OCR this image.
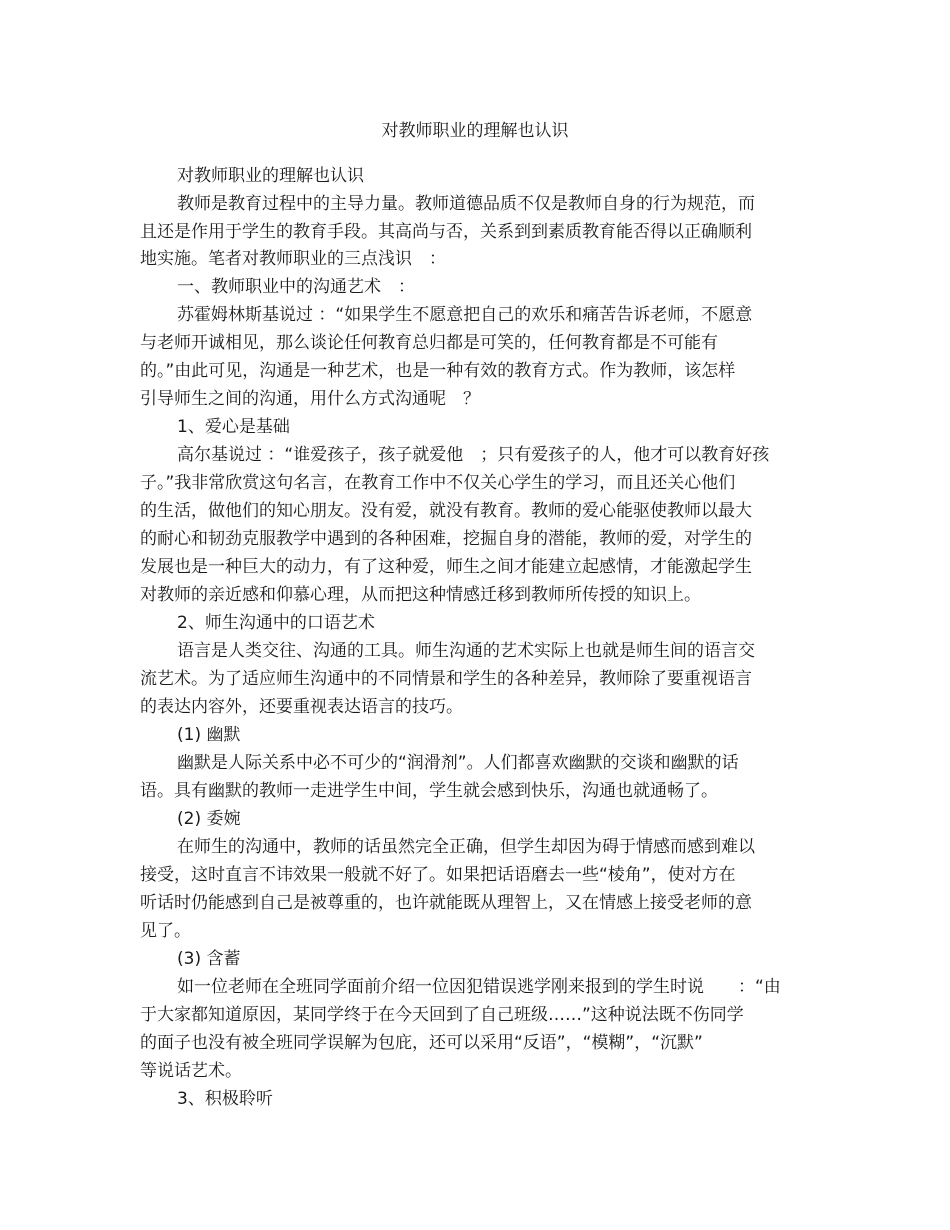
对教师职业的理解也认识
对教师职业的理解也认识
教师是教育过程中的主导力量。教师道德品质不仅是教师自身的行为规范，而
且还是作用于学生的教育手段。其高尚与否，关系到到素质教育能否得以正确顺利
地实施。笔者对教师职业的三点浅识　：
一、教师职业中的沟通艺术　：
苏霍姆林斯基说过 ：“如果学生不愿意把自己的欢乐和痛苦告诉老师，不愿意
与老师开诚相见，那么谈论任何教育总归都是可笑的，任何教育都是不可能有
的。”由此可见，沟通是一种艺术，也是一种有效的教育方式。作为教师，该怎样
引导师生之间的沟通，用什么方式沟通呢　？
1、爱心是基础
高尔基说过 ：“谁爱孩子，孩子就爱他　；只有爱孩子的人，他才可以教育好孩
子。”我非常欣赏这句名言，在教育工作中不仅关心学生的学习，而且还关心他们
的生活，做他们的知心朋友。没有爱，就没有教育。教师的爱心能驱使教师以最大
的耐心和韧劲克服教学中遇到的各种困难，挖掘自身的潜能，教师的爱，对学生的
发展也是一种巨大的动力，有了这种爱，师生之间才能建立起感情，才能激起学生
对教师的亲近感和仰慕心理，从而把这种情感迁移到教师所传授的知识上。
2、师生沟通中的口语艺术
语言是人类交往、沟通的工具。师生沟通的艺术实际上也就是师生间的语言交
流艺术。为了适应师生沟通中的不同情景和学生的各种差异，教师除了要重视语言
的表达内容外，还要重视表达语言的技巧。
(1) 幽默
幽默是人际关系中必不可少的“润滑剂”。人们都喜欢幽默的交谈和幽默的话
语。具有幽默的教师一走进学生中间，学生就会感到快乐，沟通也就通畅了。
(2) 委婉
在师生的沟通中，教师的话虽然完全正确，但学生却因为碍于情感而感到难以
接受，这时直言不讳效果一般就不好了。如果把话语磨去一些“棱角”，使对方在
听话时仍能感到自己是被尊重的，也许就能既从理智上，又在情感上接受老师的意
见了。
(3) 含蓄
如一位老师在全班同学面前介绍一位因犯错误逃学刚来报到的学生时说　　：“由
于大家都知道原因，某同学终于在今天回到了自己班级……”这种说法既不伤同学
的面子也没有被全班同学误解为包庇，还可以采用“反语”，“模糊”，“沉默”
等说话艺术。
3、积极聆听
